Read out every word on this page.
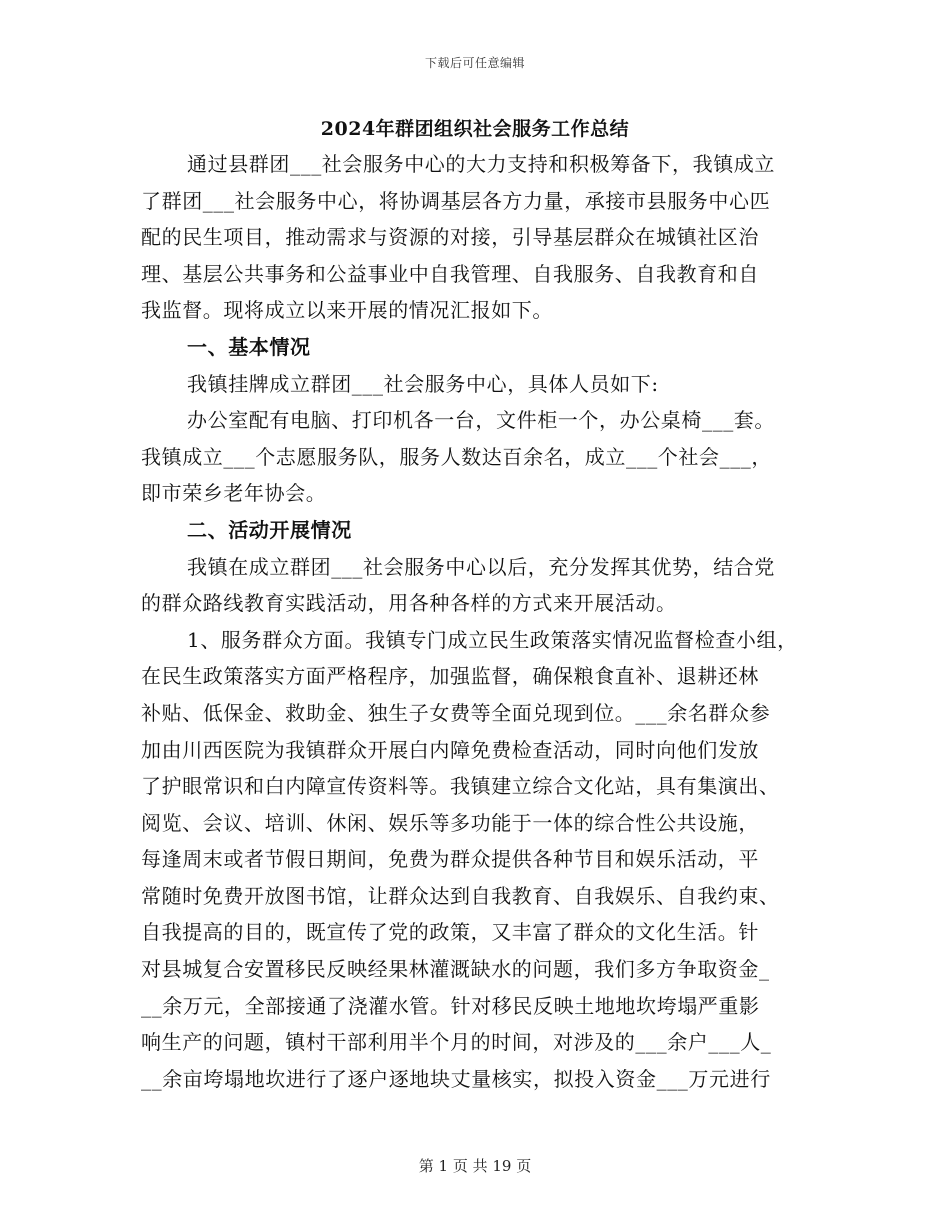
下载后可任意编辑
2024年群团组织社会服务工作总结
通过县群团___社会服务中心的大力支持和积极筹备下，我镇成立
了群团___社会服务中心，将协调基层各方力量，承接市县服务中心匹
配的民生项目，推动需求与资源的对接，引导基层群众在城镇社区治
理、基层公共事务和公益事业中自我管理、自我服务、自我教育和自
我监督。现将成立以来开展的情况汇报如下。
一、基本情况
我镇挂牌成立群团___社会服务中心，具体人员如下:
办公室配有电脑、打印机各一台，文件柜一个，办公桌椅___套。
我镇成立___个志愿服务队，服务人数达百余名，成立___个社会___，
即市荣乡老年协会。
二、活动开展情况
我镇在成立群团___社会服务中心以后，充分发挥其优势，结合党
的群众路线教育实践活动，用各种各样的方式来开展活动。
1、服务群众方面。我镇专门成立民生政策落实情况监督检查小组，
在民生政策落实方面严格程序，加强监督，确保粮食直补、退耕还林
补贴、低保金、救助金、独生子女费等全面兑现到位。___余名群众参
加由川西医院为我镇群众开展白内障免费检查活动，同时向他们发放
了护眼常识和白内障宣传资料等。我镇建立综合文化站，具有集演出、
阅览、会议、培训、休闲、娱乐等多功能于一体的综合性公共设施，
每逢周末或者节假日期间，免费为群众提供各种节目和娱乐活动，平
常随时免费开放图书馆，让群众达到自我教育、自我娱乐、自我约束、
自我提高的目的，既宣传了党的政策，又丰富了群众的文化生活。针
对县城复合安置移民反映经果林灌溉缺水的问题，我们多方争取资金_
__余万元，全部接通了浇灌水管。针对移民反映土地地坎垮塌严重影
响生产的问题，镇村干部利用半个月的时间，对涉及的___余户___人_
__余亩垮塌地坎进行了逐户逐地块丈量核实，拟投入资金___万元进行
第 1 页 共 19 页
